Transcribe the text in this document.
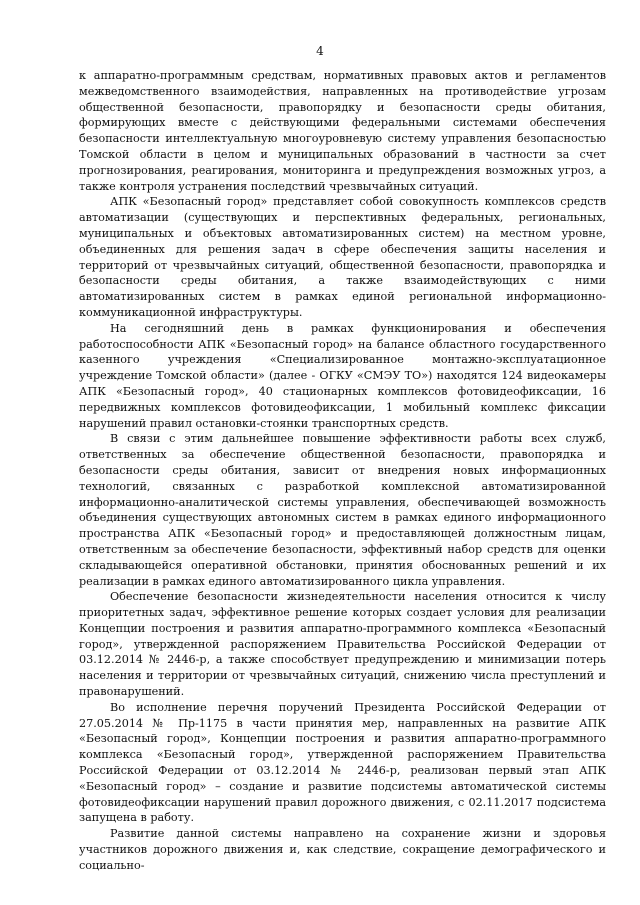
4

к аппаратно-программным средствам, нормативных правовых актов и регламентов межведомственного взаимодействия, направленных на противодействие угрозам общественной безопасности, правопорядку и безопасности среды обитания, формирующих вместе с действующими федеральными системами обеспечения безопасности интеллектуальную многоуровневую систему управления безопасностью Томской области в целом и муниципальных образований в частности за счет прогнозирования, реагирования, мониторинга и предупреждения возможных угроз, а также контроля устранения последствий чрезвычайных ситуаций.

АПК «Безопасный город» представляет собой совокупность комплексов средств автоматизации (существующих и перспективных федеральных, региональных, муниципальных и объектовых автоматизированных систем) на местном уровне, объединенных для решения задач в сфере обеспечения защиты населения и территорий от чрезвычайных ситуаций, общественной безопасности, правопорядка и безопасности среды обитания, а также взаимодействующих с ними автоматизированных систем в рамках единой региональной информационно-коммуникационной инфраструктуры.

На сегодняшний день в рамках функционирования и обеспечения работоспособности АПК «Безопасный город» на балансе областного государственного казенного учреждения «Специализированное монтажно-эксплуатационное учреждение Томской области» (далее - ОГКУ «СМЭУ ТО») находятся 124 видеокамеры АПК «Безопасный город», 40 стационарных комплексов фотовидеофиксации, 16 передвижных комплексов фотовидеофиксации, 1 мобильный комплекс фиксации нарушений правил остановки-стоянки транспортных средств.

В связи с этим дальнейшее повышение эффективности работы всех служб, ответственных за обеспечение общественной безопасности, правопорядка и безопасности среды обитания, зависит от внедрения новых информационных технологий, связанных с разработкой комплексной автоматизированной информационно-аналитической системы управления, обеспечивающей возможность объединения существующих автономных систем в рамках единого информационного пространства АПК «Безопасный город» и предоставляющей должностным лицам, ответственным за обеспечение безопасности, эффективный набор средств для оценки складывающейся оперативной обстановки, принятия обоснованных решений и их реализации в рамках единого автоматизированного цикла управления.

Обеспечение безопасности жизнедеятельности населения относится к числу приоритетных задач, эффективное решение которых создает условия для реализации Концепции построения и развития аппаратно-программного комплекса «Безопасный город», утвержденной распоряжением Правительства Российской Федерации от 03.12.2014 № 2446-р, а также способствует предупреждению и минимизации потерь населения и территории от чрезвычайных ситуаций, снижению числа преступлений и правонарушений.

Во исполнение перечня поручений Президента Российской Федерации от 27.05.2014 № Пр-1175 в части принятия мер, направленных на развитие АПК «Безопасный город», Концепции построения и развития аппаратно-программного комплекса «Безопасный город», утвержденной распоряжением Правительства Российской Федерации от 03.12.2014 № 2446-р, реализован первый этап АПК «Безопасный город» – создание и развитие подсистемы автоматической системы фотовидеофиксации нарушений правил дорожного движения, с 02.11.2017 подсистема запущена в работу.

Развитие данной системы направлено на сохранение жизни и здоровья участников дорожного движения и, как следствие, сокращение демографического и социально-
